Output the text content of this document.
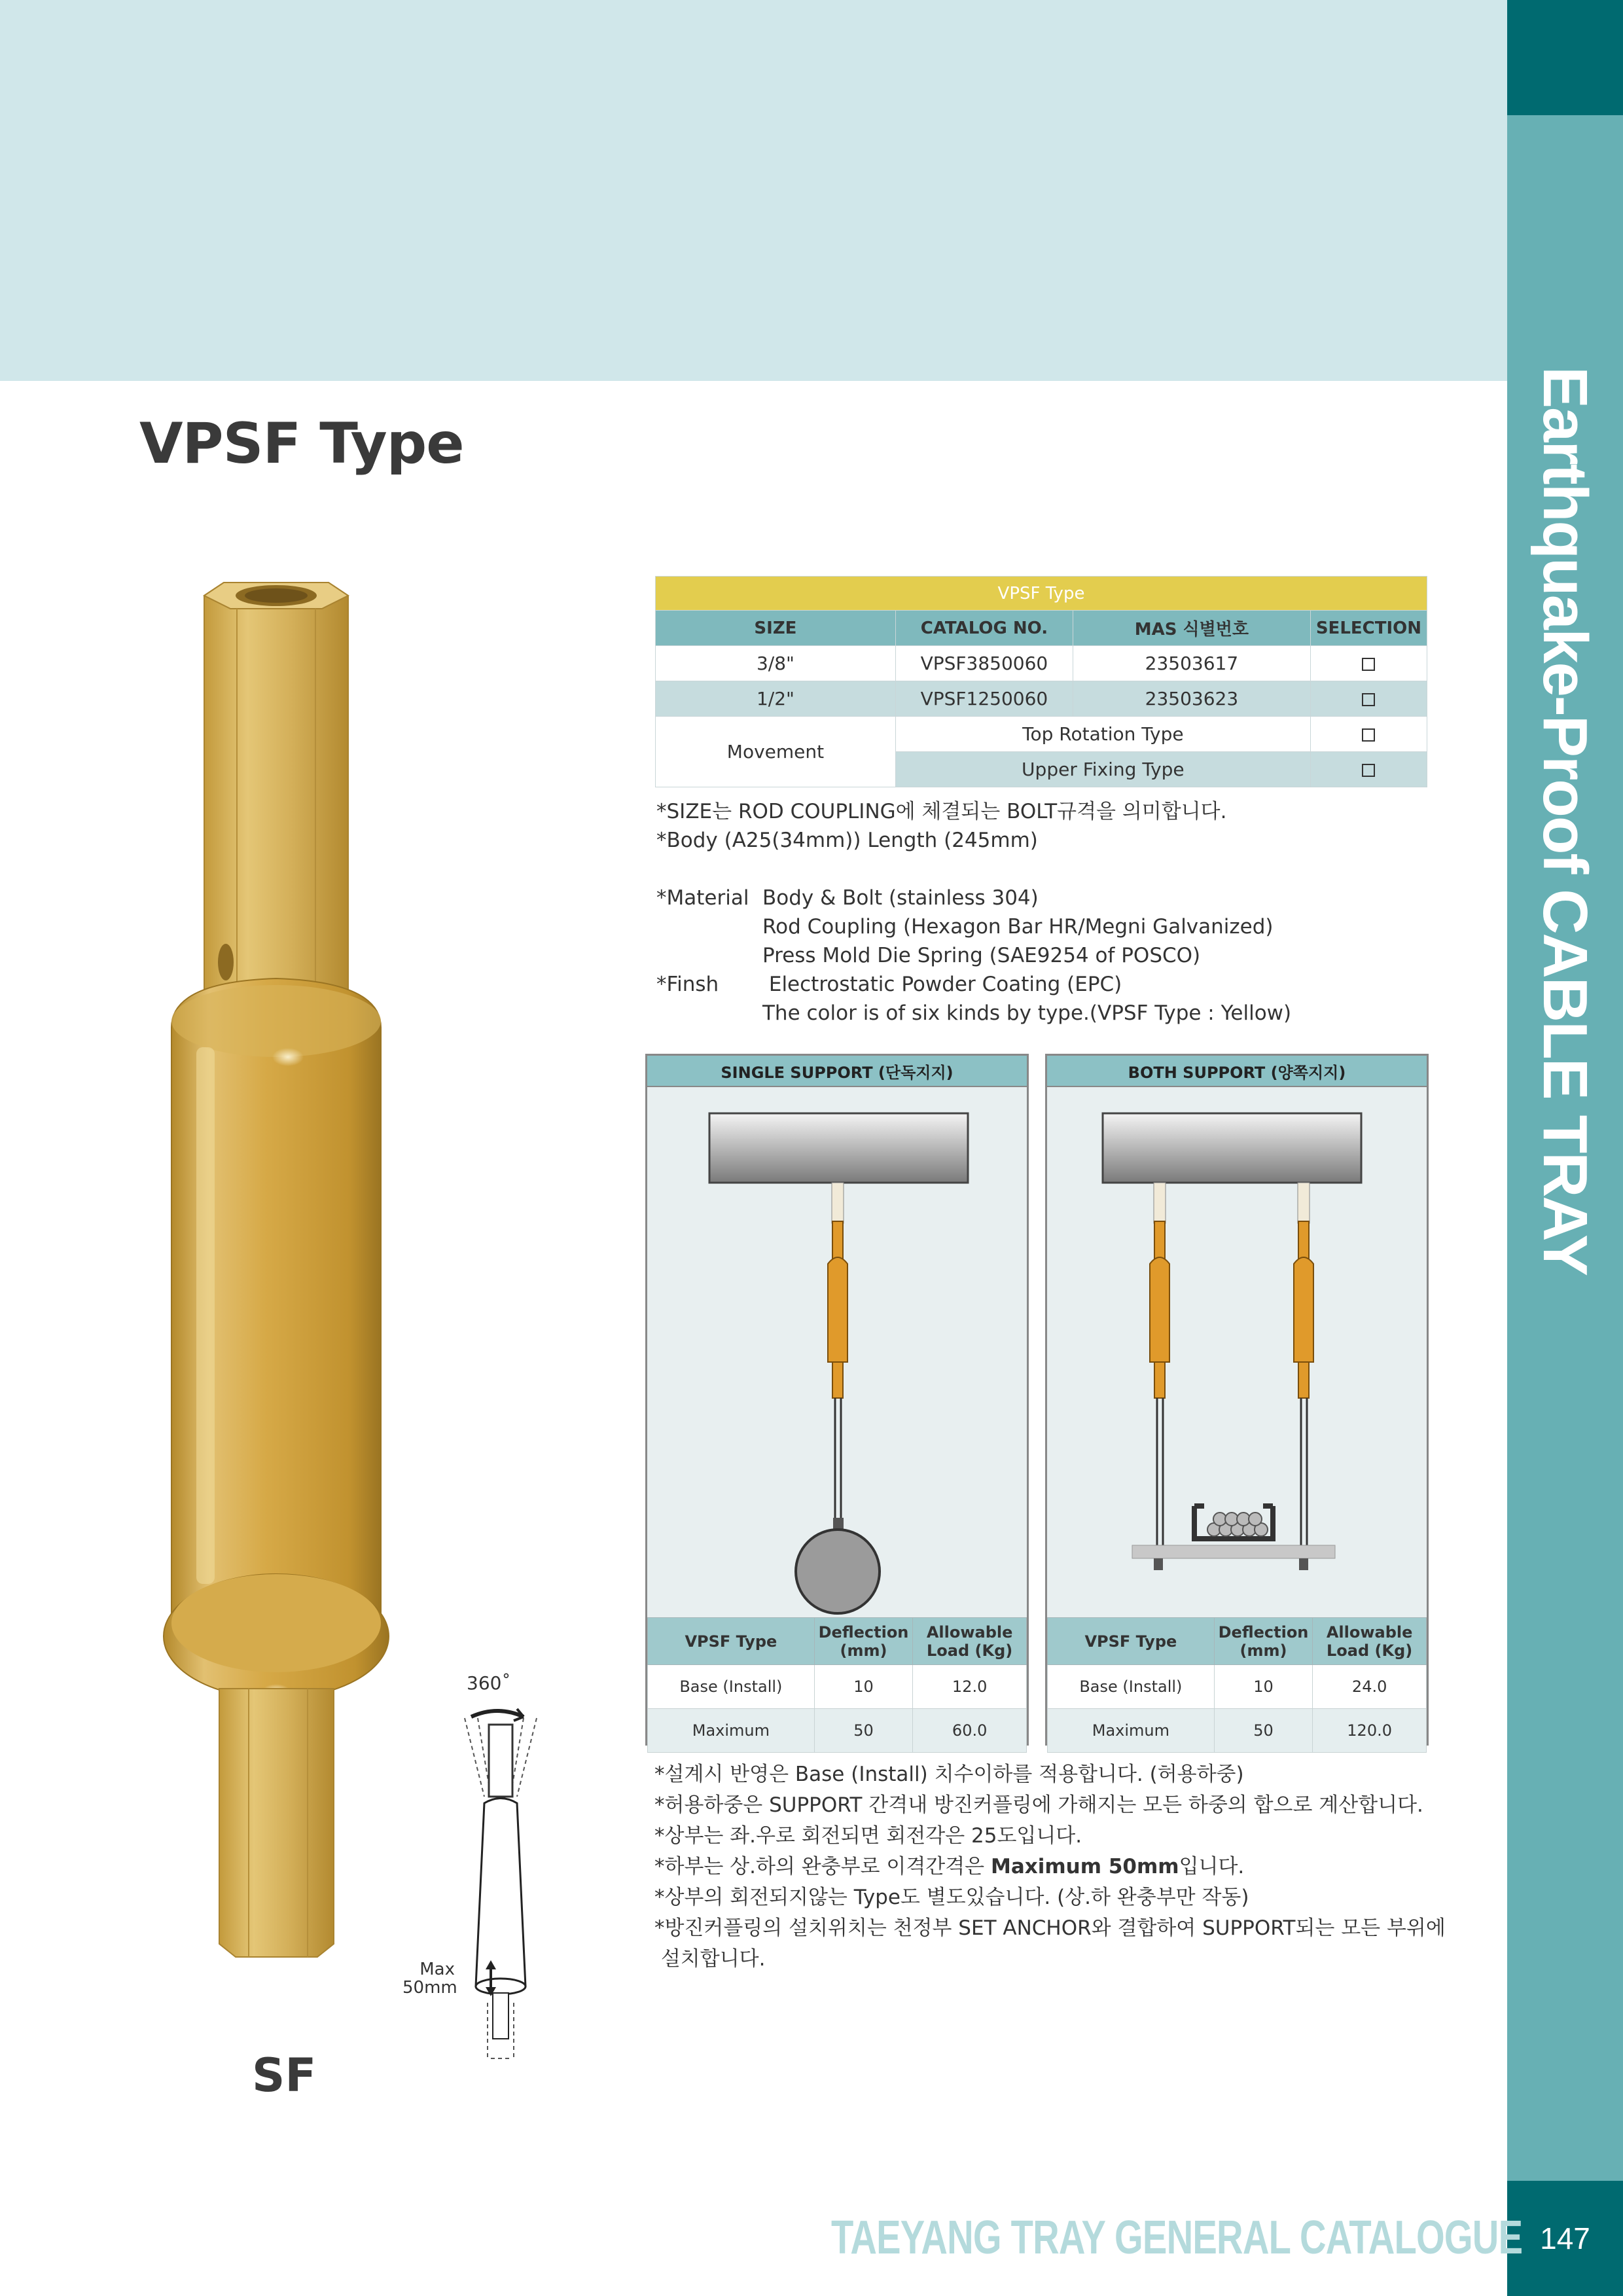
Earthquake-Proof CABLE TRAY
147
VPSF Type
SF
360˚
Max
50mm
VPSF Type			
SIZE	CATALOG NO.	MAS 식별번호	SELECTION
3/8"	VPSF3850060	23503617	
1/2"	VPSF1250060	23503623	
Movement	Top Rotation Type		
	Upper Fixing Type		

*SIZE는 ROD COUPLING에 체결되는 BOLT규격을 의미합니다.

*Body (A25(34mm)) Length (245mm)

*Material Body & Bolt (stainless 304)

Rod Coupling (Hexagon Bar HR/Megni Galvanized)

Press Mold Die Spring (SAE9254 of POSCO)

*Finsh Electrostatic Powder Coating (EPC)

The color is of six kinds by type.(VPSF Type : Yellow)

SINGLE SUPPORT (단독지지)
VPSF Type	Deflection (mm)	Allowable Load (Kg)
Base (Install)	10	12.0
Maximum	50	60.0
BOTH SUPPORT (양쪽지지)
VPSF Type	Deflection (mm)	Allowable Load (Kg)
Base (Install)	10	24.0
Maximum	50	120.0

*설계시 반영은 Base (Install) 치수이하를 적용합니다. (허용하중)

*허용하중은 SUPPORT 간격내 방진커플링에 가해지는 모든 하중의 합으로 계산합니다.

*상부는 좌.우로 회전되면 회전각은 25도입니다.

*하부는 상.하의 완충부로 이격간격은 Maximum 50mm입니다.

*상부의 회전되지않는 Type도 별도있습니다. (상.하 완충부만 작동)

*방진커플링의 설치위치는 천정부 SET ANCHOR와 결합하여 SUPPORT되는 모든 부위에

설치합니다.

TAEYANG TRAY GENERAL CATALOGUE
